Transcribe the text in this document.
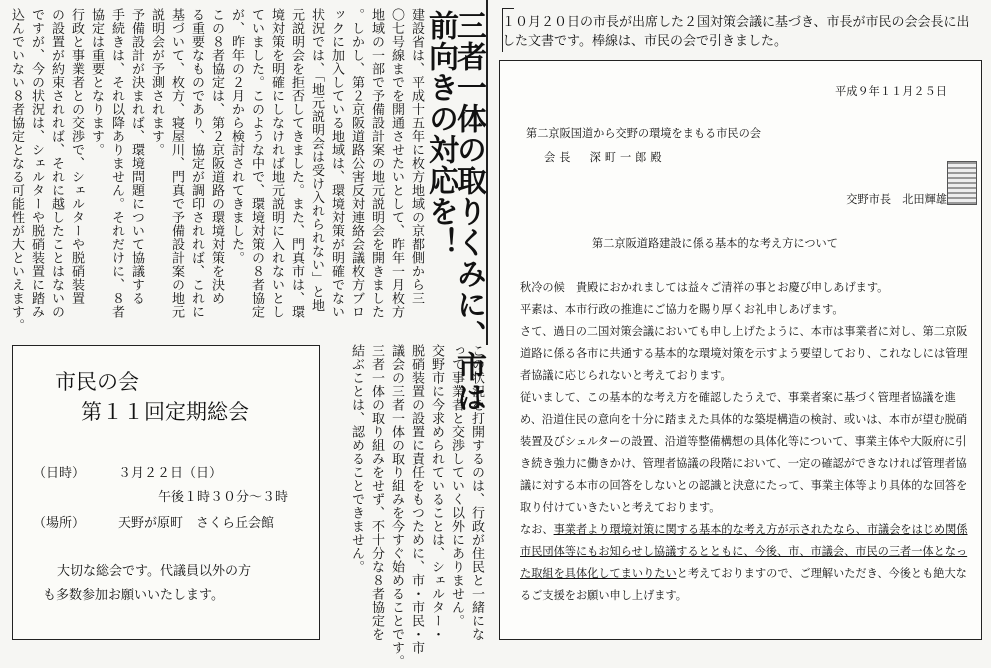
建設省は、平成十五年に枚方地域の京都側から三
〇七号線までを開通させたいとして、昨年一月枚方
地域の一部で予備設計案の地元説明会を開きました
。しかし、第２京阪道路公害反対連絡会議枚方ブロ
ックに加入している地域は、環境対策が明確でない
状況では、「地元説明会は受け入れられない」と地
元説明会を拒否してきました。また、門真市は、環
境対策を明確にしなければ地元説明に入れないとし
ていました。このような中で、環境対策の８者協定
が、昨年の２月から検討されてきました。
この８者協定は、第２京阪道路の環境対策を決め
る重要なものであり、協定が調印されれば、これに
基づいて、枚方、寝屋川、門真で予備設計案の地元
説明会が予測されます。
予備設計が決まれば、環境問題について協議する
手続きは、それ以降ありません。それだけに、８者
協定は重要となります。
行政と事業者との交渉で、シェルターや脱硝装置
の設置が約束されれば、それに越したことはないの
ですが、今の状況は、シェルターや脱硝装置に踏み
込んでいない８者協定となる可能性が大といえます。	三者一体の取りくみに、市は
前向きの対応を！
この状況を打開するのは、行政が住民と一緒にな
って事業者と交渉していく以外にありません。
交野市に今求められていることは、シェルター・
脱硝装置の設置に責任をもつために、市・市民・市
議会の三者一体の取り組みを今すぐ始めることです。
三者一体の取り組みをせず、不十分な８者協定を
結ぶことは、認めることできません。
市民の会
第１１回定期総会
（日時）	３月２２日（日）
午後１時３０分～３時
（場所）	天野が原町　さくら丘会館
大切な総会です。代議員以外の方
も多数参加お願いいたします。
１０月２０日の市長が出席した２国対策会議に基づき、市長が市民の会会長に出した文書です。棒線は、市民の会で引きました。
平成９年１１月２５日
第二京阪国道から交野の環境をまもる市民の会
会長　深町一郎殿
交野市長　北田輝雄
第二京阪道路建設に係る基本的な考え方について
秋冷の候　貴殿におかれましては益々ご清祥の事とお慶び申しあげます。
平素は、本市行政の推進にご協力を賜り厚くお礼申しあげます。
さて、過日の二国対策会議においても申し上げたように、本市は事業者に対し、第二京阪道路に係る各市に共通する基本的な環境対策を示すよう要望しており、これなしには管理者協議に応じられないと考えております。
従いまして、この基本的な考え方を確認したうえで、事業者案に基づく管理者協議を進め、沿道住民の意向を十分に踏まえた具体的な築堤構造の検討、或いは、本市が望む脱硝装置及びシェルターの設置、沿道等整備構想の具体化等について、事業主体や大阪府に引き続き強力に働きかけ、管理者協議の段階において、一定の確認ができなければ管理者協議に対する本市の回答をしないとの認識と決意にたって、事業主体等より具体的な回答を取り付けていきたいと考えております。
なお、事業者より環境対策に関する基本的な考え方が示されたなら、市議会をはじめ関係市民団体等にもお知らせし協議するとともに、今後、市、市議会、市民の三者一体となった取組を具体化してまいりたいと考えておりますので、ご理解いただき、今後とも絶大なるご支援をお願い申し上げます。
